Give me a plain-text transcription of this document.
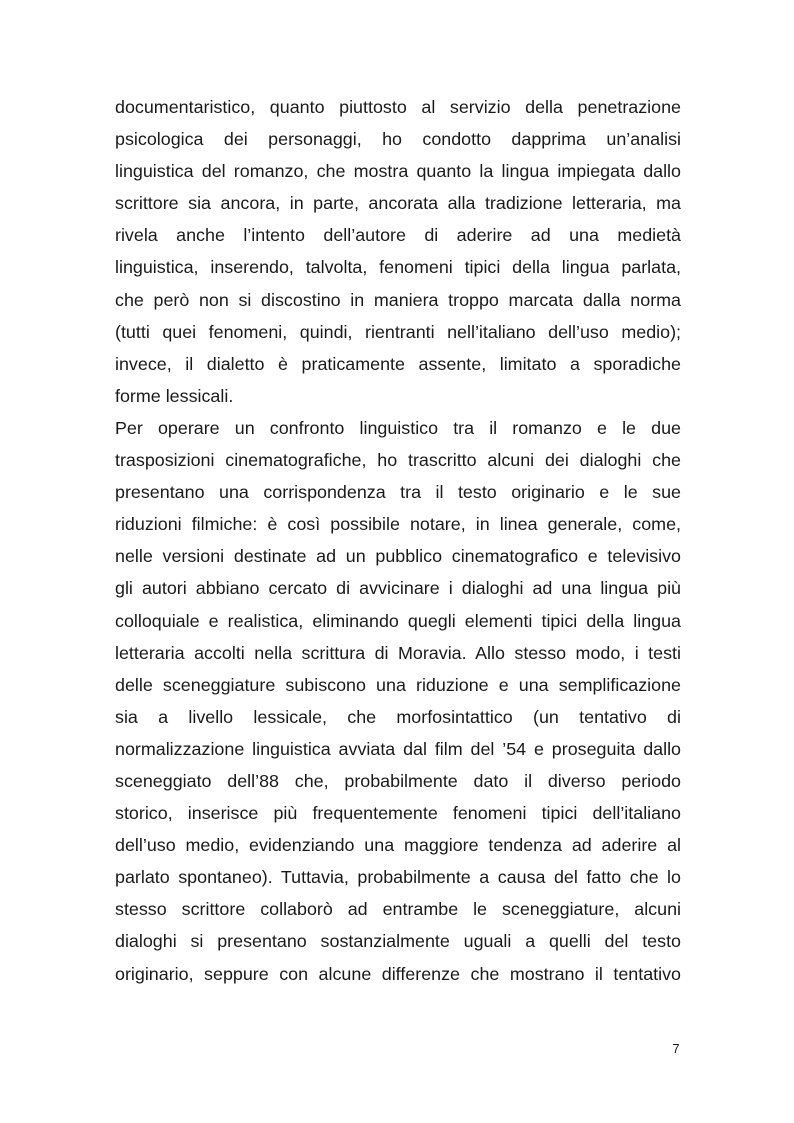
documentaristico, quanto piuttosto al servizio della penetrazione
psicologica dei personaggi, ho condotto dapprima un’analisi
linguistica del romanzo, che mostra quanto la lingua impiegata dallo
scrittore sia ancora, in parte, ancorata alla tradizione letteraria, ma
rivela anche l’intento dell’autore di aderire ad una medietà
linguistica, inserendo, talvolta, fenomeni tipici della lingua parlata,
che però non si discostino in maniera troppo marcata dalla norma
(tutti quei fenomeni, quindi, rientranti nell’italiano dell’uso medio);
invece, il dialetto è praticamente assente, limitato a sporadiche
forme lessicali.
Per operare un confronto linguistico tra il romanzo e le due
trasposizioni cinematografiche, ho trascritto alcuni dei dialoghi che
presentano una corrispondenza tra il testo originario e le sue
riduzioni filmiche: è così possibile notare, in linea generale, come,
nelle versioni destinate ad un pubblico cinematografico e televisivo
gli autori abbiano cercato di avvicinare i dialoghi ad una lingua più
colloquiale e realistica, eliminando quegli elementi tipici della lingua
letteraria accolti nella scrittura di Moravia. Allo stesso modo, i testi
delle sceneggiature subiscono una riduzione e una semplificazione
sia a livello lessicale, che morfosintattico (un tentativo di
normalizzazione linguistica avviata dal film del ’54 e proseguita dallo
sceneggiato dell’88 che, probabilmente dato il diverso periodo
storico, inserisce più frequentemente fenomeni tipici dell’italiano
dell’uso medio, evidenziando una maggiore tendenza ad aderire al
parlato spontaneo). Tuttavia, probabilmente a causa del fatto che lo
stesso scrittore collaborò ad entrambe le sceneggiature, alcuni
dialoghi si presentano sostanzialmente uguali a quelli del testo
originario, seppure con alcune differenze che mostrano il tentativo
7
